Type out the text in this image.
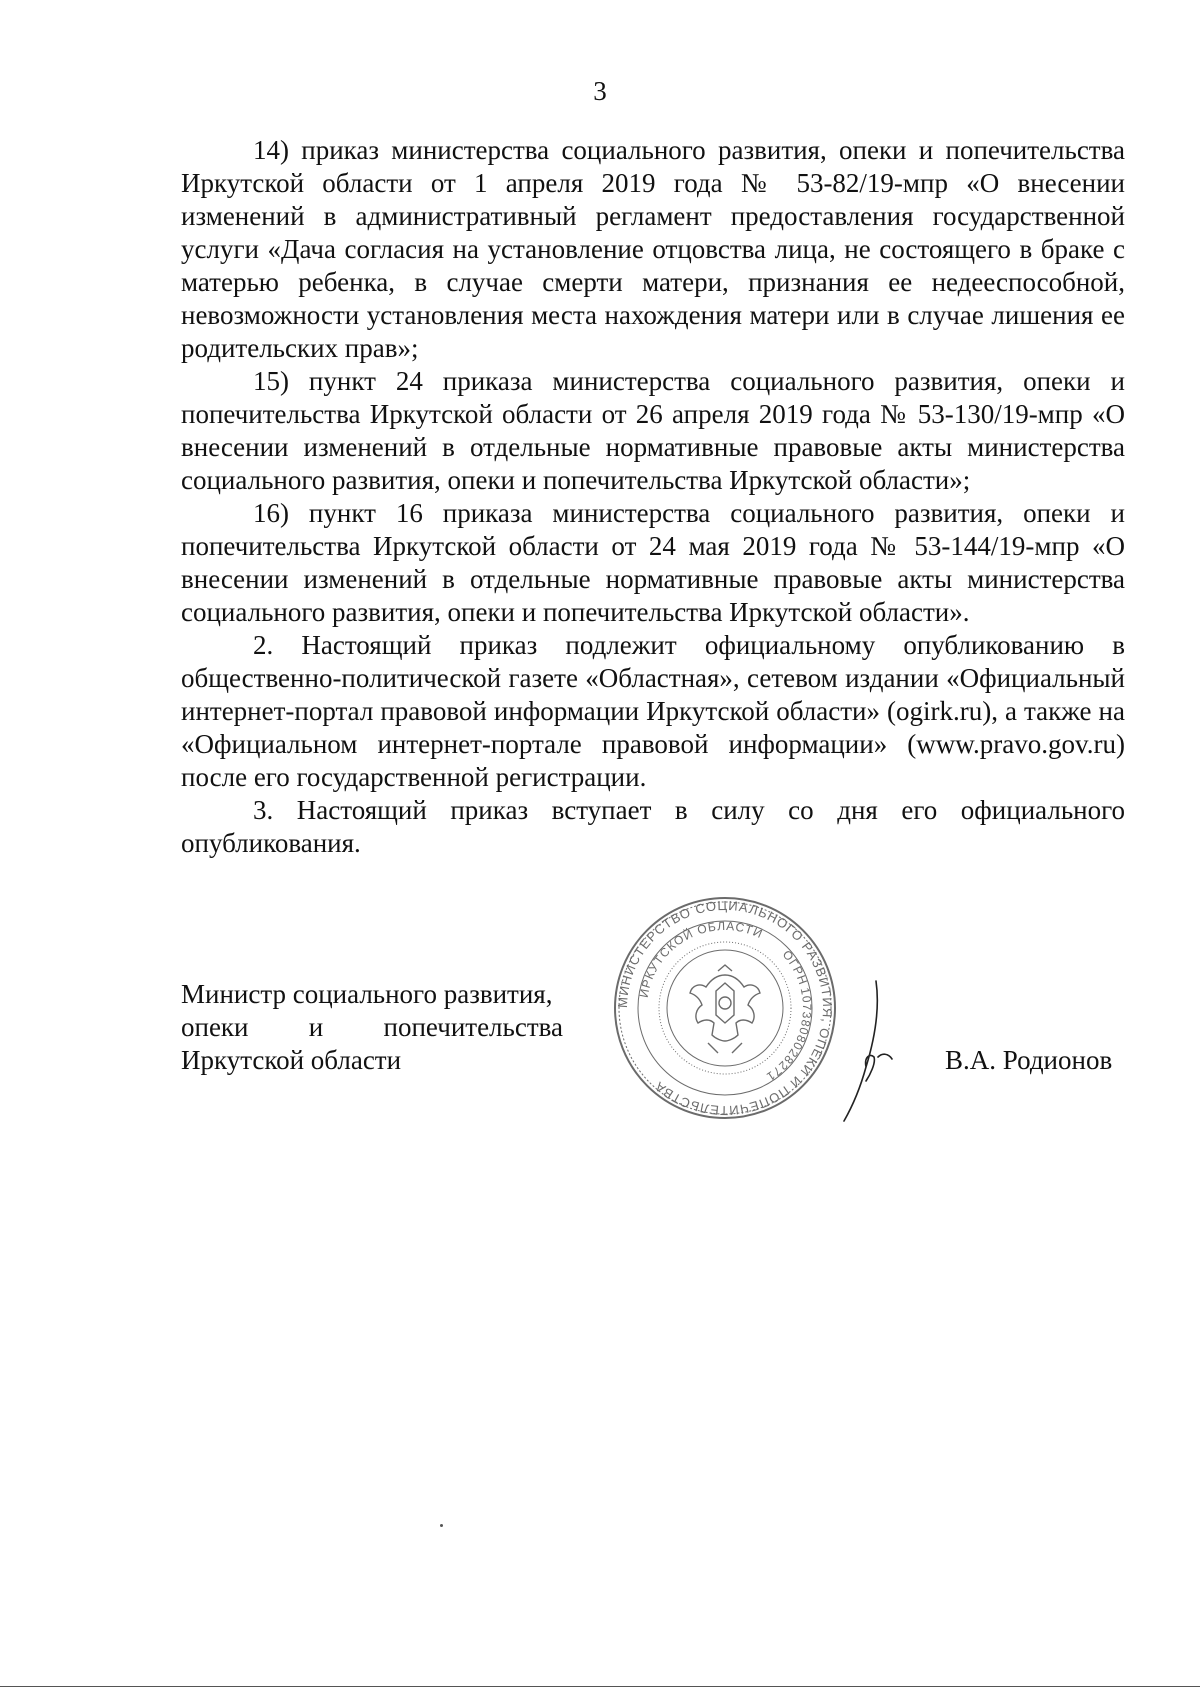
3

14) приказ министерства социального развития, опеки и попечительства Иркутской области от 1 апреля 2019 года № 53-82/19-мпр «О внесении изменений в административный регламент предоставления государственной услуги «Дача согласия на установление отцовства лица, не состоящего в браке с матерью ребенка, в случае смерти матери, признания ее недееспособной, невозможности установления места нахождения матери или в случае лишения ее родительских прав»;

15) пункт 24 приказа министерства социального развития, опеки и попечительства Иркутской области от 26 апреля 2019 года № 53-130/19-мпр «О внесении изменений в отдельные нормативные правовые акты министерства социального развития, опеки и попечительства Иркутской области»;

16) пункт 16 приказа министерства социального развития, опеки и попечительства Иркутской области от 24 мая 2019 года № 53-144/19-мпр «О внесении изменений в отдельные нормативные правовые акты министерства социального развития, опеки и попечительства Иркутской области».

2. Настоящий приказ подлежит официальному опубликованию в общественно-политической газете «Областная», сетевом издании «Официальный интернет-портал правовой информации Иркутской области» (ogirk.ru), а также на «Официальном интернет-портале правовой информации» (www.pravo.gov.ru) после его государственной регистрации.

3. Настоящий приказ вступает в силу со дня его официального опубликования.

Министр социального развития,
опеки и попечительства
Иркутской области
МИНИСТЕРСТВО СОЦИАЛЬНОГО РАЗВИТИЯ, ОПЕКИ И ПОПЕЧИТЕЛЬСТВА
ИРКУТСКОЙ ОБЛАСТИ
ОГРН
1073808028271
В.А. Родионов
